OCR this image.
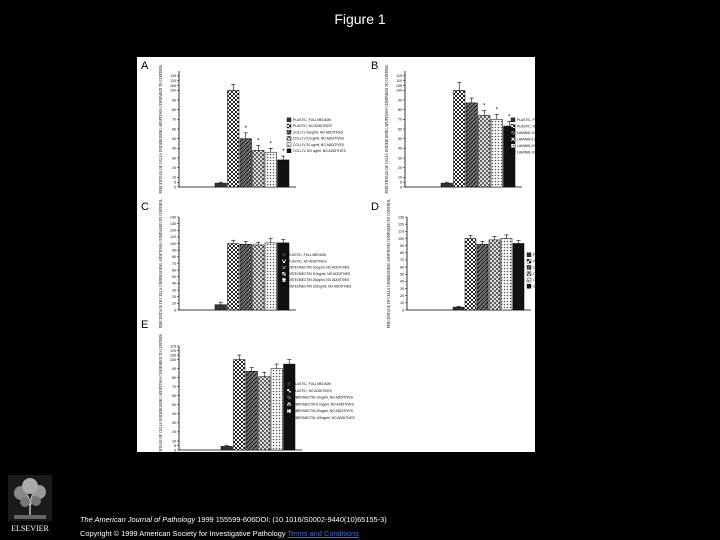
Figure 1
A
0
5
10
20
30
40
50
60
70
80
90
100
105
110
115
PERCENTAGE OF CELLS UNDERGOING APOPTOSIS COMPARED TO CONTROL	*
* *
*
PLASTIC, FULL MEDIUM
PLASTIC, NO ADDITIVES
COLL IV 10ug/ml, NO ADDITIVES
COLL IV 5.0ug/ml, NO ADDITIVES
COLL IV 20 ug/ml, NO ADDITIVES
COLL IV 100 ug/ml, NO ADDITIVES
B
0
5
10
20
30
40
50
60
70
80
90
100
105
110
115
PERCENTAGE OF CELLS UNDERGOING APOPTOSIS COMPARED TO CONTROL	*
*
* PLASTIC, FULL MEDIUM
PLASTIC, NO ADDITIVES
LAMININ 10 ug/ml, NO ADDITIVES
LAMININ 5.0 ug/ml, NO ADDITIVES
LAMININ 20 ug/ml, NO ADDITIVES
LAMININ 100 ug/ml, NO ADDITIVES
C
0
10
20
30
40
50
60
70
80
90
100
110
120
130
140
PERCENTAGE OF CELLS UNDERGOING APOPTOSIS COMPARED TO CONTROL	PLASTIC, FULL MEDIUM
PLASTIC, NO ADDITIVES
OSTEONECTIN 10ug/ml, NO ADDITIVES
OSTEONECTIN 5.0ug/ml, NO ADDITIVES
OSTEONECTIN 20ug/ml, NO ADDITIVES
OSTEONECTIN 100ug/ml, NO ADDITIVES
D
0
10
20
30
40
50
60
70
80
90
100
110
120
130
PERCENTAGE OF CELLS UNDERGOING APOPTOSIS COMPARED TO CONTROL	PLASTIC, FULL MEDIUM
PLASTIC, NO ADDITIVES
COLL III 10ug/ml, NO ADDITIVES
COLL III 5.0ug/ml, NO ADDITIVES
COLL III 20ug/ml, NO ADDITIVES
COLL III 100ug/ml, NO ADDITIVES
E
0
5
10
20
30
40
50
60
70
80
90
100
105
110
115
PERCENTAGE OF CELLS UNDERGOING APOPTOSIS COMPARED TO CONTROL	PLASTIC, FULL MEDIUM
PLASTIC, NO ADDITIVES
FIBRONECTIN 10ug/ml, NO ADDITIVES
FIBRONECTIN 5.0ug/ml, NO ADDITIVES
FIBRONECTIN 20ug/ml, NO ADDITIVES
FIBRONECTIN 100ug/ml, NO ADDITIVES
ELSEVIER
The American Journal of Pathology 1999 155599-606DOI: (10.1016/S0002-9440(10)65155-3)
Copyright © 1999 American Society for Investigative Pathology Terms and Conditions
